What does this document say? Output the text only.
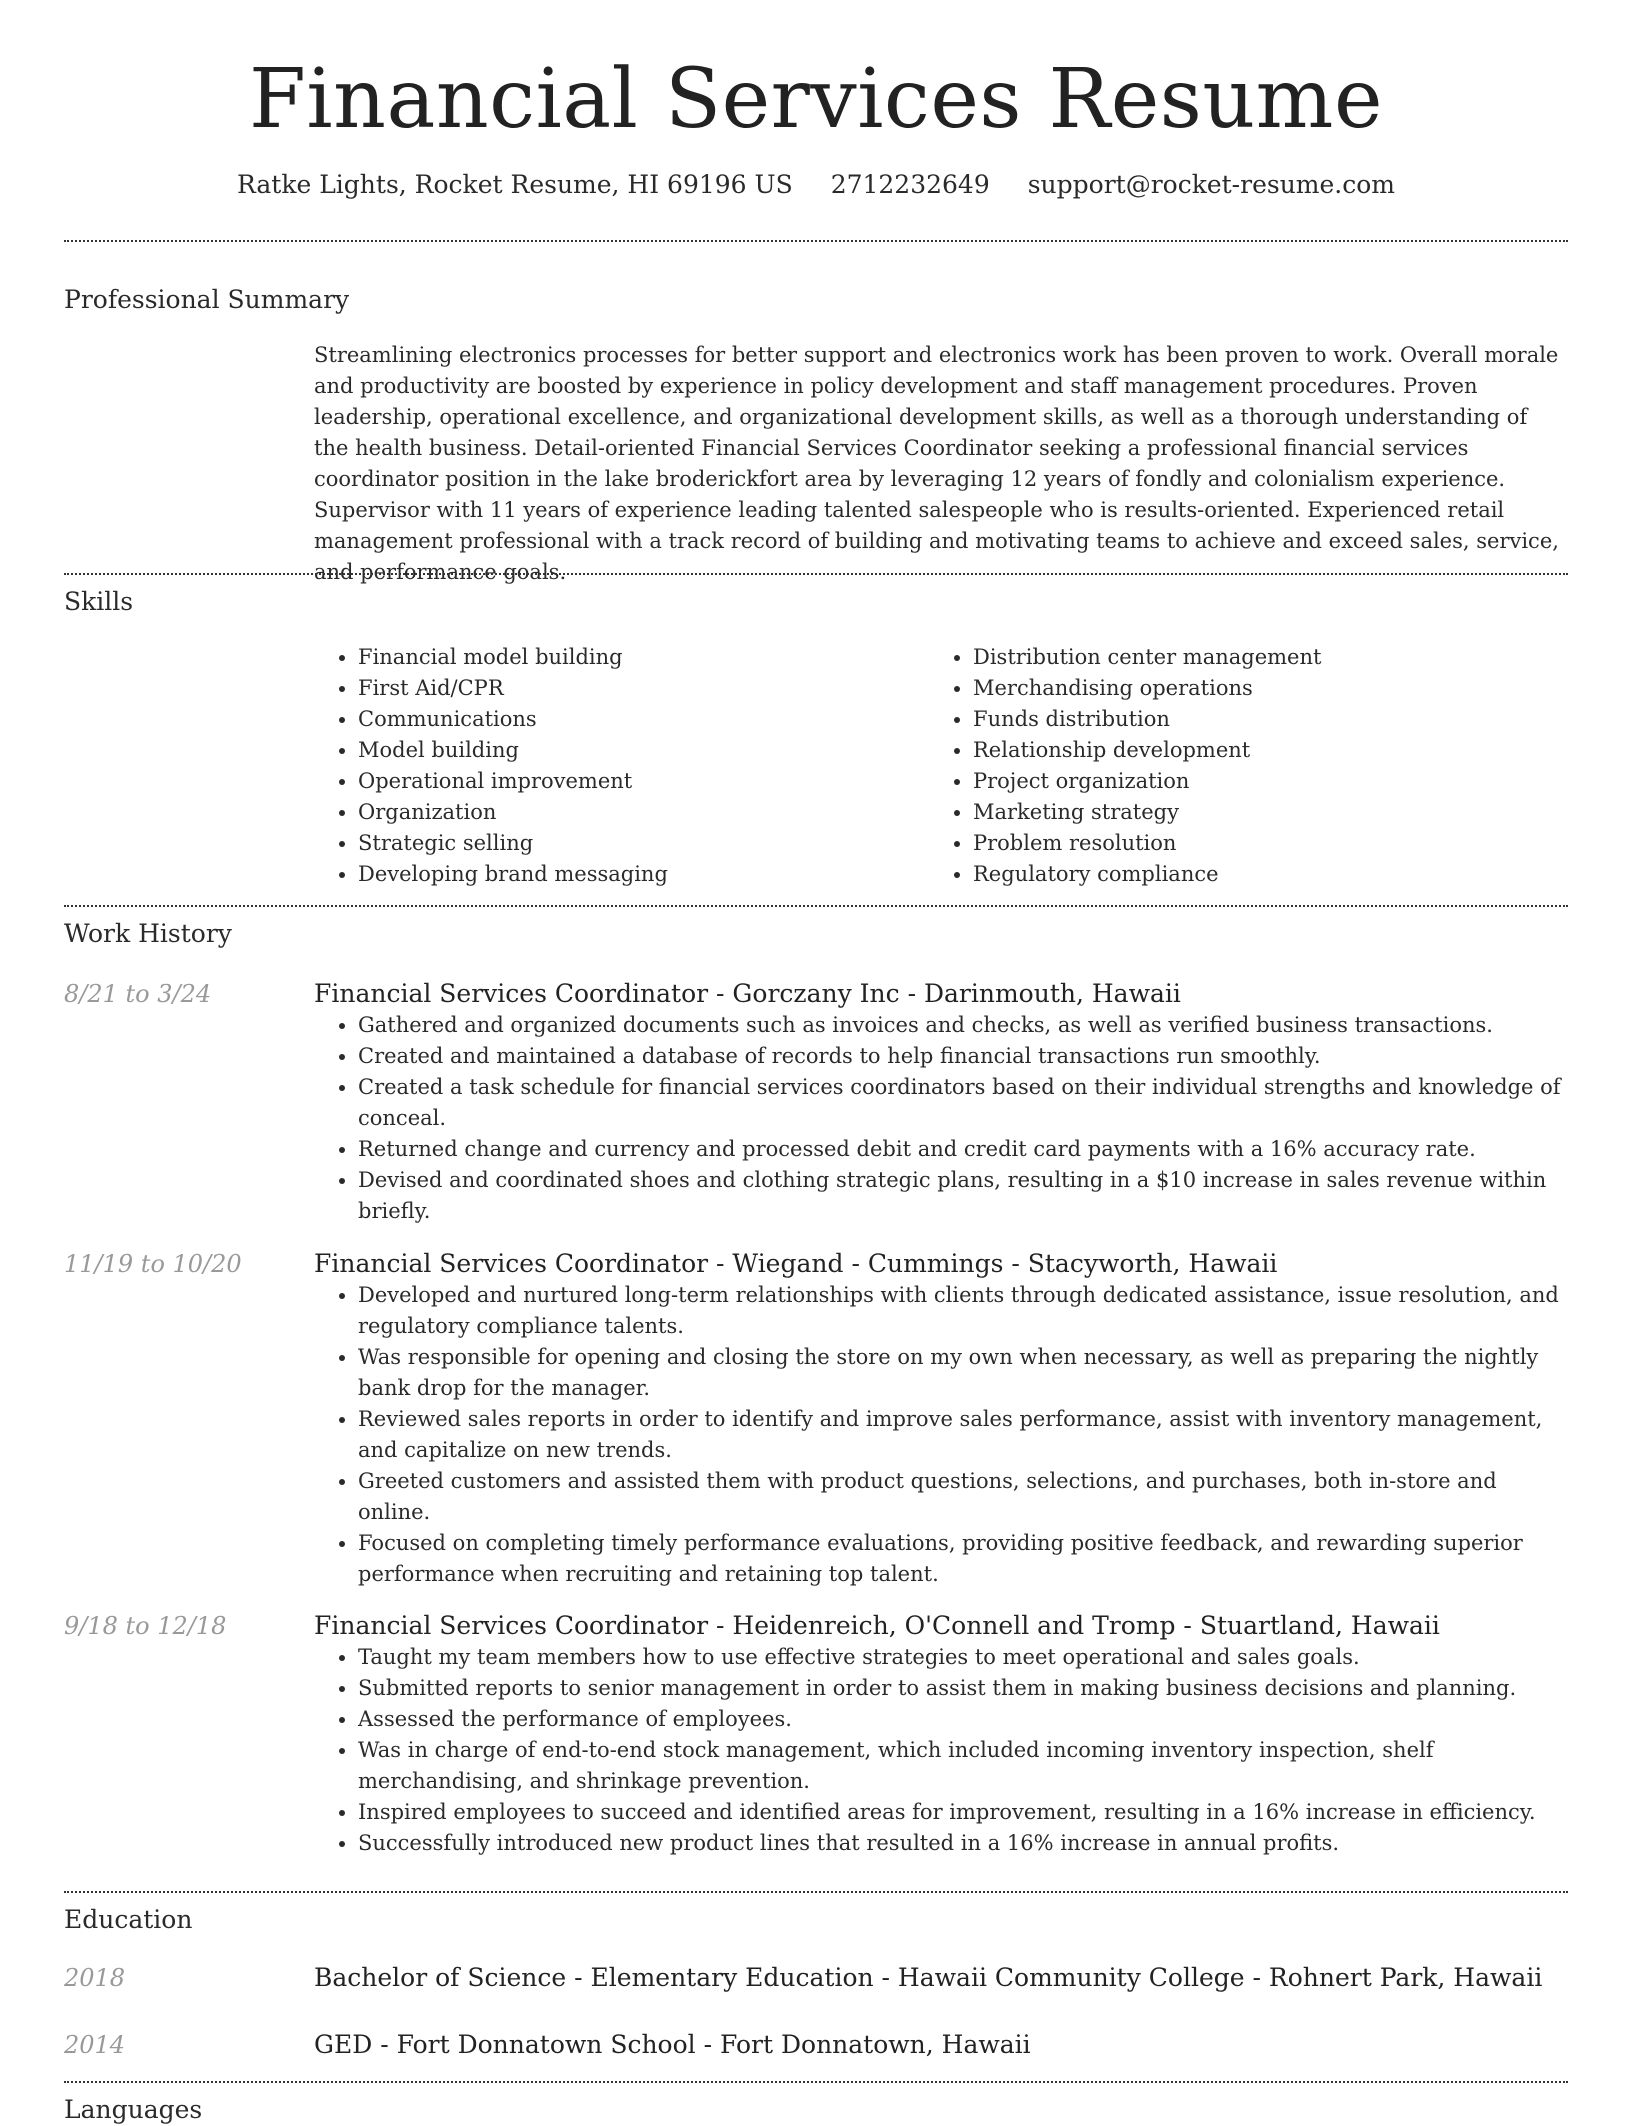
Financial Services Resume
Ratke Lights, Rocket Resume, HI 69196 US 2712232649 support@rocket-resume.com
Professional Summary

Streamlining electronics processes for better support and electronics work has been proven to work. Overall morale and productivity are boosted by experience in policy development and staff management procedures. Proven leadership, operational excellence, and organizational development skills, as well as a thorough understanding of the health business. Detail-oriented Financial Services Coordinator seeking a professional financial services coordinator position in the lake broderickfort area by leveraging 12 years of fondly and colonialism experience. Supervisor with 11 years of experience leading talented salespeople who is results-oriented. Experienced retail management professional with a track record of building and motivating teams to achieve and exceed sales, service, and performance goals.

Skills
• Financial model building
• First Aid/CPR
• Communications
• Model building
• Operational improvement
• Organization
• Strategic selling
• Developing brand messaging
• Distribution center management
• Merchandising operations
• Funds distribution
• Relationship development
• Project organization
• Marketing strategy
• Problem resolution
• Regulatory compliance
Work History
8/21 to 3/24	Financial Services Coordinator - Gorczany Inc - Darinmouth, Hawaii
• Gathered and organized documents such as invoices and checks, as well as verified business transactions.
• Created and maintained a database of records to help financial transactions run smoothly.
• Created a task schedule for financial services coordinators based on their individual strengths and knowledge of conceal.
• Returned change and currency and processed debit and credit card payments with a 16% accuracy rate.
• Devised and coordinated shoes and clothing strategic plans, resulting in a $10 increase in sales revenue within briefly.
11/19 to 10/20	Financial Services Coordinator - Wiegand - Cummings - Stacyworth, Hawaii
• Developed and nurtured long-term relationships with clients through dedicated assistance, issue resolution, and regulatory compliance talents.
• Was responsible for opening and closing the store on my own when necessary, as well as preparing the nightly bank drop for the manager.
• Reviewed sales reports in order to identify and improve sales performance, assist with inventory management, and capitalize on new trends.
• Greeted customers and assisted them with product questions, selections, and purchases, both in-store and online.
• Focused on completing timely performance evaluations, providing positive feedback, and rewarding superior performance when recruiting and retaining top talent.
9/18 to 12/18	Financial Services Coordinator - Heidenreich, O'Connell and Tromp - Stuartland, Hawaii
• Taught my team members how to use effective strategies to meet operational and sales goals.
• Submitted reports to senior management in order to assist them in making business decisions and planning.
• Assessed the performance of employees.
• Was in charge of end-to-end stock management, which included incoming inventory inspection, shelf merchandising, and shrinkage prevention.
• Inspired employees to succeed and identified areas for improvement, resulting in a 16% increase in efficiency.
• Successfully introduced new product lines that resulted in a 16% increase in annual profits.
Education
2018	Bachelor of Science - Elementary Education - Hawaii Community College - Rohnert Park, Hawaii
2014	GED - Fort Donnatown School - Fort Donnatown, Hawaii
Languages
